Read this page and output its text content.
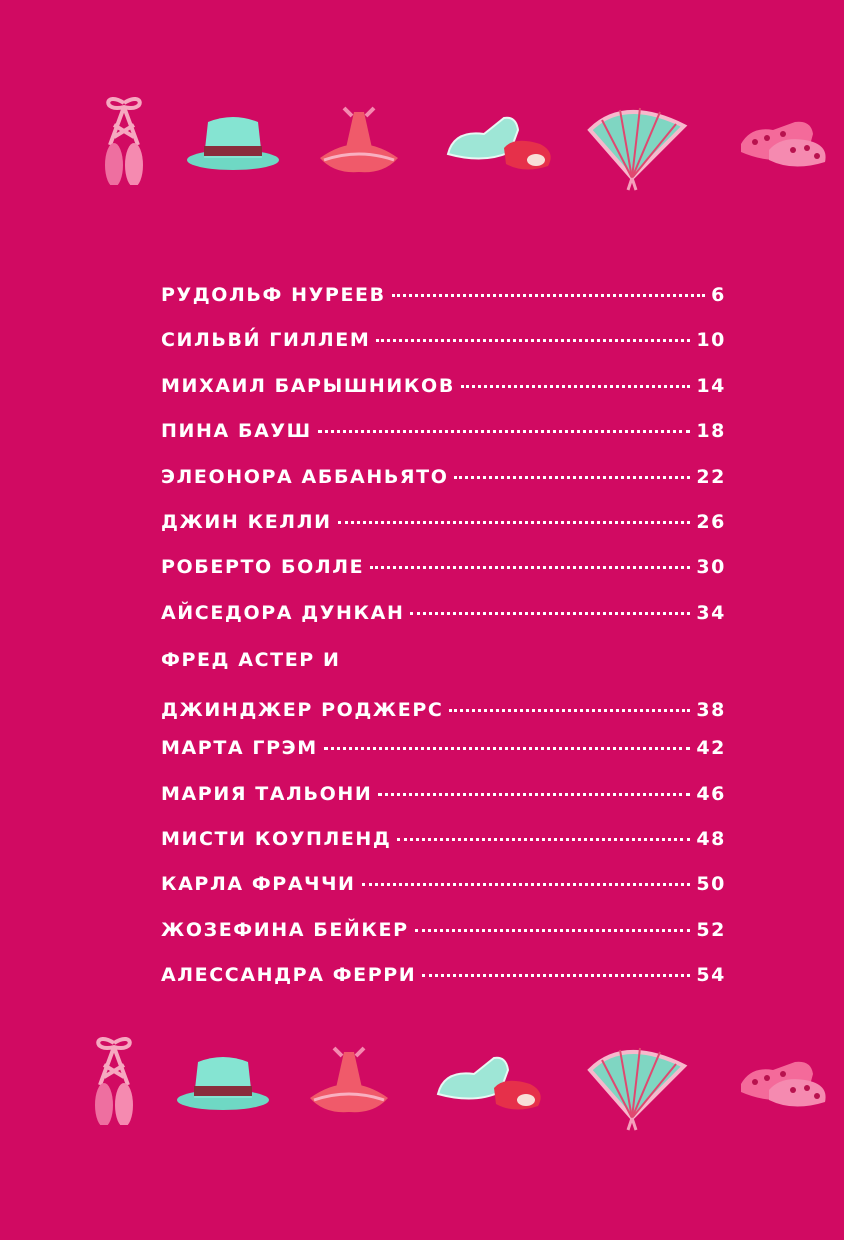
РУДОЛЬФ НУРЕЕВ	6
СИЛЬВИ́ ГИЛЛЕМ	10
МИХАИЛ БАРЫШНИКОВ	14
ПИНА БАУШ	18
ЭЛЕОНОРА АББАНЬЯТО	22
ДЖИН КЕЛЛИ	26
РОБЕРТО БОЛЛЕ	30
АЙСЕДОРА ДУНКАН	34
ФРЕД АСТЕР И
ДЖИНДЖЕР РОДЖЕРС	38
МАРТА ГРЭМ	42
МАРИЯ ТАЛЬОНИ	46
МИСТИ КОУПЛЕНД	48
КАРЛА ФРАЧЧИ	50
ЖОЗЕФИНА БЕЙКЕР	52
АЛЕССАНДРА ФЕРРИ	54
